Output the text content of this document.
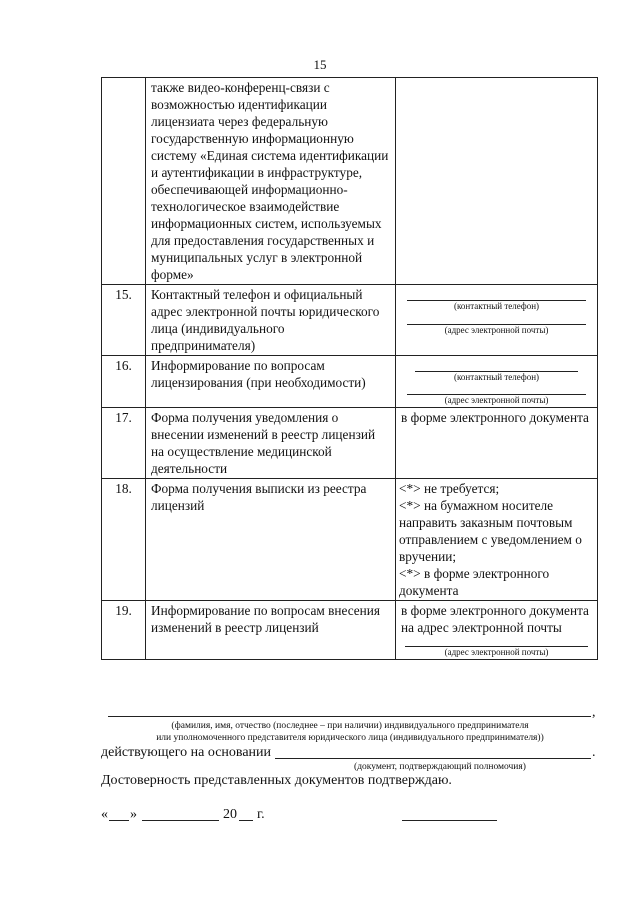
15
	также видео-конференц-связи с возможностью идентификации лицензиата через федеральную государственную информационную систему «Единая система идентификации и аутентификации в инфраструктуре, обеспечивающей информационно-технологическое взаимодействие информационных систем, используемых для предоставления государственных и муниципальных услуг в электронной форме»	
15.	Контактный телефон и официальный адрес электронной почты юридического лица (индивидуального предпринимателя)	(контактный телефон)
(адрес электронной почты)

16.	Информирование по вопросам лицензирования (при необходимости)	(контактный телефон)
(адрес электронной почты)

17.	Форма получения уведомления о внесении изменений в реестр лицензий на осуществление медицинской деятельности	в форме электронного документа
18.	Форма получения выписки из реестра лицензий	<*> не требуется;
<*> на бумажном носителе направить заказным почтовым отправлением с уведомлением о вручении;
<*> в форме электронного документа

19.	Информирование по вопросам внесения изменений в реестр лицензий	в форме электронного документа на адрес электронной почты
(адрес электронной почты)
,
(фамилия, имя, отчество (последнее – при наличии) индивидуального предпринимателя
или уполномоченного представителя юридического лица (индивидуального предпринимателя))
действующего на основании	.
(документ, подтверждающий полномочия)
Достоверность представленных документов подтверждаю.
« »	20 г.
